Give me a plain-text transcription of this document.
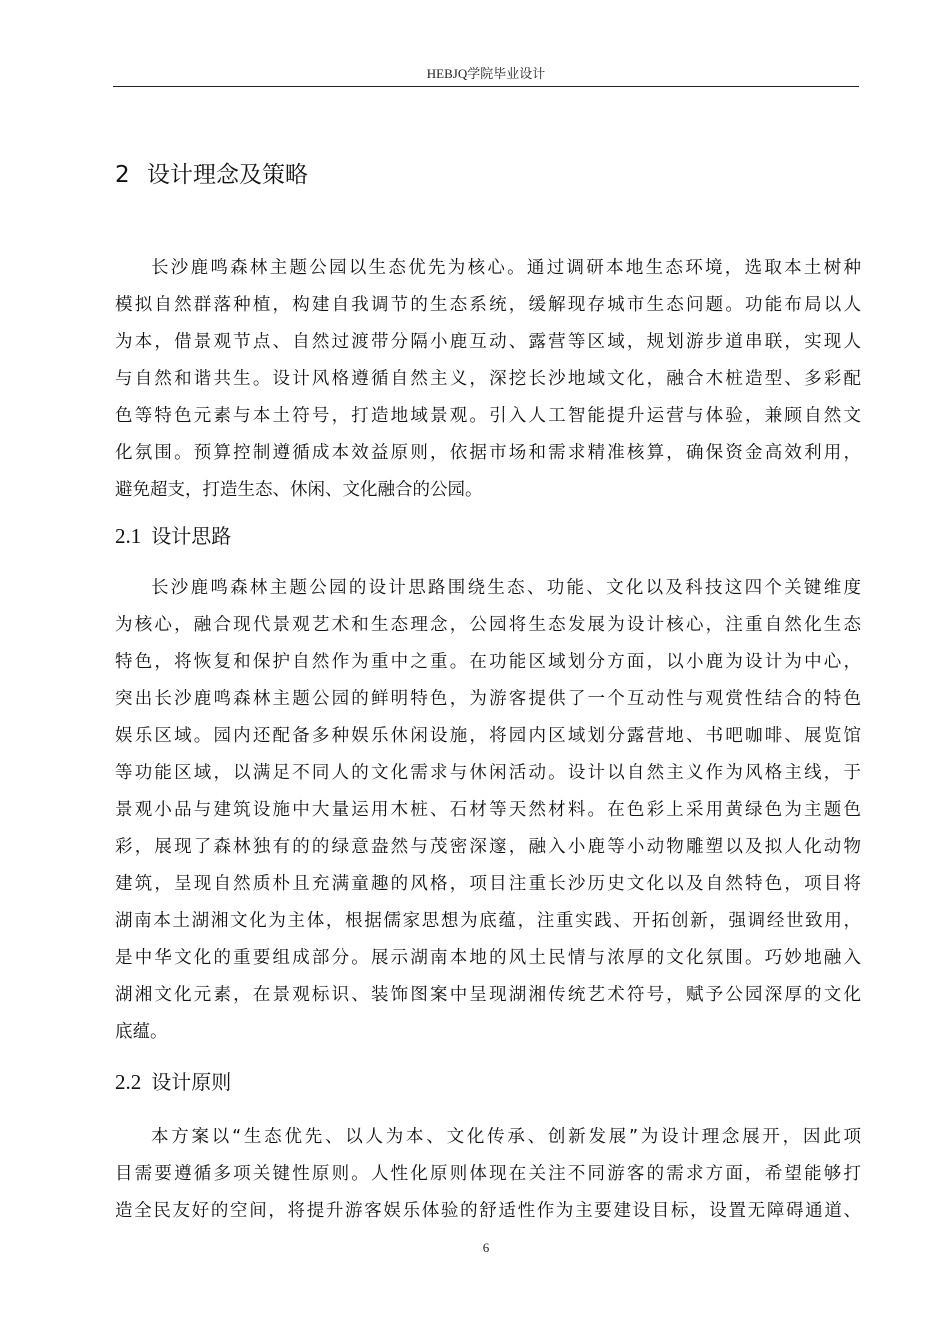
HEBJQ学院毕业设计
2 设计理念及策略
长沙鹿鸣森林主题公园以生态优先为核心。通过调研本地生态环境，选取本土树种
模拟自然群落种植，构建自我调节的生态系统，缓解现存城市生态问题。功能布局以人
为本，借景观节点、自然过渡带分隔小鹿互动、露营等区域，规划游步道串联，实现人
与自然和谐共生。设计风格遵循自然主义，深挖长沙地域文化，融合木桩造型、多彩配
色等特色元素与本土符号，打造地域景观。引入人工智能提升运营与体验，兼顾自然文
化氛围。预算控制遵循成本效益原则，依据市场和需求精准核算，确保资金高效利用，
避免超支，打造生态、休闲、文化融合的公园。
2.1 设计思路
长沙鹿鸣森林主题公园的设计思路围绕生态、功能、文化以及科技这四个关键维度
为核心，融合现代景观艺术和生态理念，公园将生态发展为设计核心，注重自然化生态
特色，将恢复和保护自然作为重中之重。在功能区域划分方面，以小鹿为设计为中心，
突出长沙鹿鸣森林主题公园的鲜明特色，为游客提供了一个互动性与观赏性结合的特色
娱乐区域。园内还配备多种娱乐休闲设施，将园内区域划分露营地、书吧咖啡、展览馆
等功能区域，以满足不同人的文化需求与休闲活动。设计以自然主义作为风格主线，于
景观小品与建筑设施中大量运用木桩、石材等天然材料。在色彩上采用黄绿色为主题色
彩，展现了森林独有的的绿意盎然与茂密深邃，融入小鹿等小动物雕塑以及拟人化动物
建筑，呈现自然质朴且充满童趣的风格，项目注重长沙历史文化以及自然特色，项目将
湖南本土湖湘文化为主体，根据儒家思想为底蕴，注重实践、开拓创新，强调经世致用，
是中华文化的重要组成部分。展示湖南本地的风土民情与浓厚的文化氛围。巧妙地融入
湖湘文化元素，在景观标识、装饰图案中呈现湖湘传统艺术符号，赋予公园深厚的文化
底蕴。
2.2 设计原则
本方案以“生态优先、以人为本、文化传承、创新发展”为设计理念展开，因此项
目需要遵循多项关键性原则。人性化原则体现在关注不同游客的需求方面，希望能够打
造全民友好的空间，将提升游客娱乐体验的舒适性作为主要建设目标，设置无障碍通道、
6
